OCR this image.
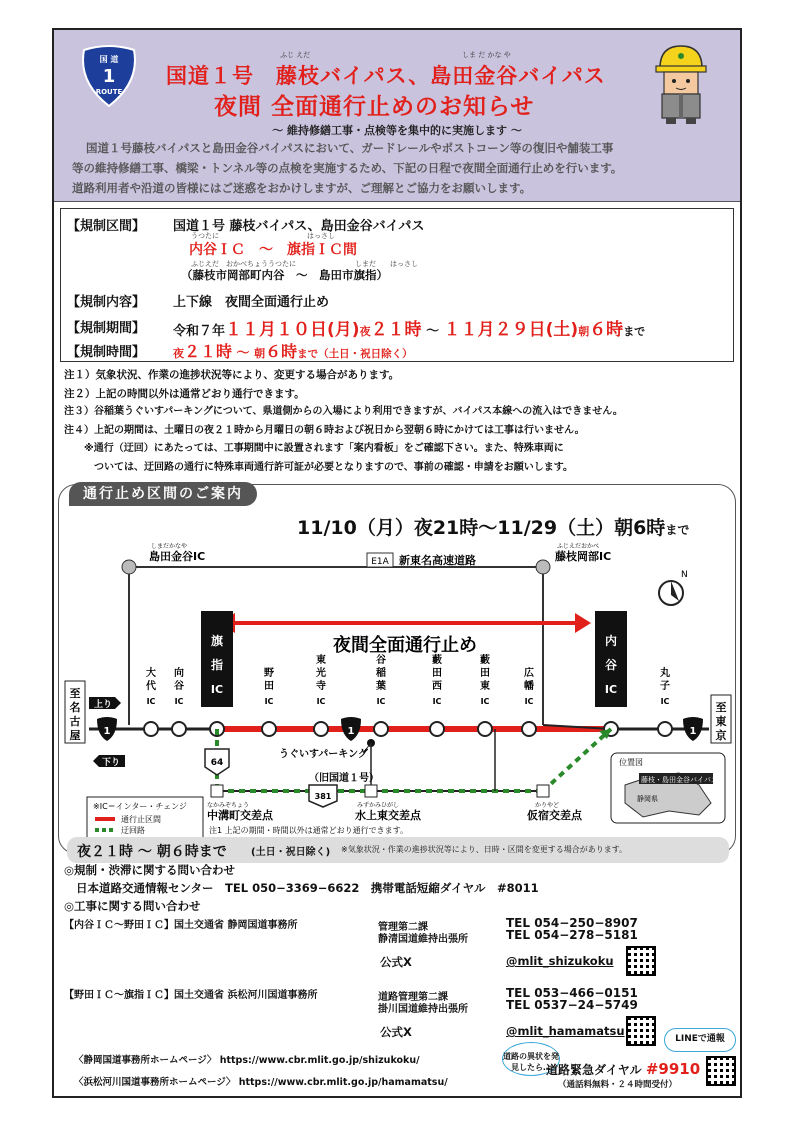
国 道
1
ROUTE
ふじ えだ	しま だ かな や
国道１号　藤枝バイパス、島田金谷バイパス
夜間 全面通行止めのお知らせ
～ 維持修繕工事・点検等を集中的に実施します ～

国道１号藤枝バイパスと島田金谷バイパスにおいて、ガードレールやポストコーン等の復旧や舗装工事

等の維持修繕工事、橋梁・トンネル等の点検を実施するため、下記の日程で夜間全面通行止めを行います。

道路利用者や沿道の皆様にはご迷惑をおかけしますが、ご理解とご協力をお願いします。

【規制区間】 国道１号 藤枝バイパス、島田金谷バイパス
うつたに	はっさし
内谷ＩＣ　～　旗指ＩＣ間
ふじえだ　おかべちょううつたに	しまだ　　はっさし
（藤枝市岡部町内谷　～　島田市旗指）
【規制内容】 上下線　夜間全面通行止め
【規制期間】 令和７年１１月１０日(月)夜２１時 ～ １１月２９日(土)朝６時まで
【規制時間】	夜２１時 ～ 朝６時まで（土日・祝日除く）

注１）気象状況、作業の進捗状況等により、変更する場合があります。

注２）上記の時間以外は通常どおり通行できます。

注３）谷稲葉うぐいすパーキングについて、県道側からの入場により利用できますが、バイパス本線への流入はできません。

注４）上記の期間は、土曜日の夜２１時から月曜日の朝６時および祝日から翌朝６時にかけては工事は行いません。

　　※通行（迂回）にあたっては、工事期間中に設置されます「案内看板」をご確認下さい。また、特殊車両に

　　　ついては、迂回路の通行に特殊車両通行許可証が必要となりますので、事前の確認・申請をお願いします。

通行止め区間のご案内
11/10（月）夜21時～11/29（土）朝6時まで
島田金谷IC
しまだかなや
藤枝岡部IC
ふじえだおかべ
E1A 新東名高速道路
N
夜間全面通行止め
旗
指
IC
内
谷
IC
至
名
古
屋
至
東
京
上り
下り
1	1	1
大代 IC
向谷 IC
野田 IC
東光寺 IC
谷稲葉 IC
藪田西 IC
藪田東 IC
広幡 IC
丸子 IC
うぐいすパーキング
（旧国道１号）
64
381
なかみぞちょう
中溝町交差点
みずかみひがし
水上東交差点
かりやど
仮宿交差点
※IC＝インター・チェンジ
通行止区間
迂回路	注1 上記の期間・時間以外は通常どおり通行できます。
位置図
藤枝・島田金谷バイパス
静岡県
夜２１時 〜 朝６時まで (土日・祝日除く) ※気象状況・作業の進捗状況等により、日時・区間を変更する場合があります。
◎規制・渋滞に関する問い合わせ
日本道路交通情報センター　TEL 050−3369−6622　携帯電話短縮ダイヤル　#8011
◎工事に関する問い合わせ
【内谷ＩＣ～野田ＩＣ】国土交通省 静岡国道事務所	管理第二課	TEL 054−250−8907
静清国道維持出張所	TEL 054−278−5181
公式X	@mlit_shizukoku
【野田ＩＣ～旗指ＩＣ】国土交通省 浜松河川国道事務所	道路管理第二課	TEL 053−466−0151
掛川国道維持出張所	TEL 0537−24−5749
公式X	@mlit_hamamatsu
〈静岡国道事務所ホームページ〉 https://www.cbr.mlit.go.jp/shizukoku/
〈浜松河川国道事務所ホームページ〉 https://www.cbr.mlit.go.jp/hamamatsu/
道路の異状を発見したら…
LINEで通報
道路緊急ダイヤル #9910
（通話料無料・２４時間受付）
